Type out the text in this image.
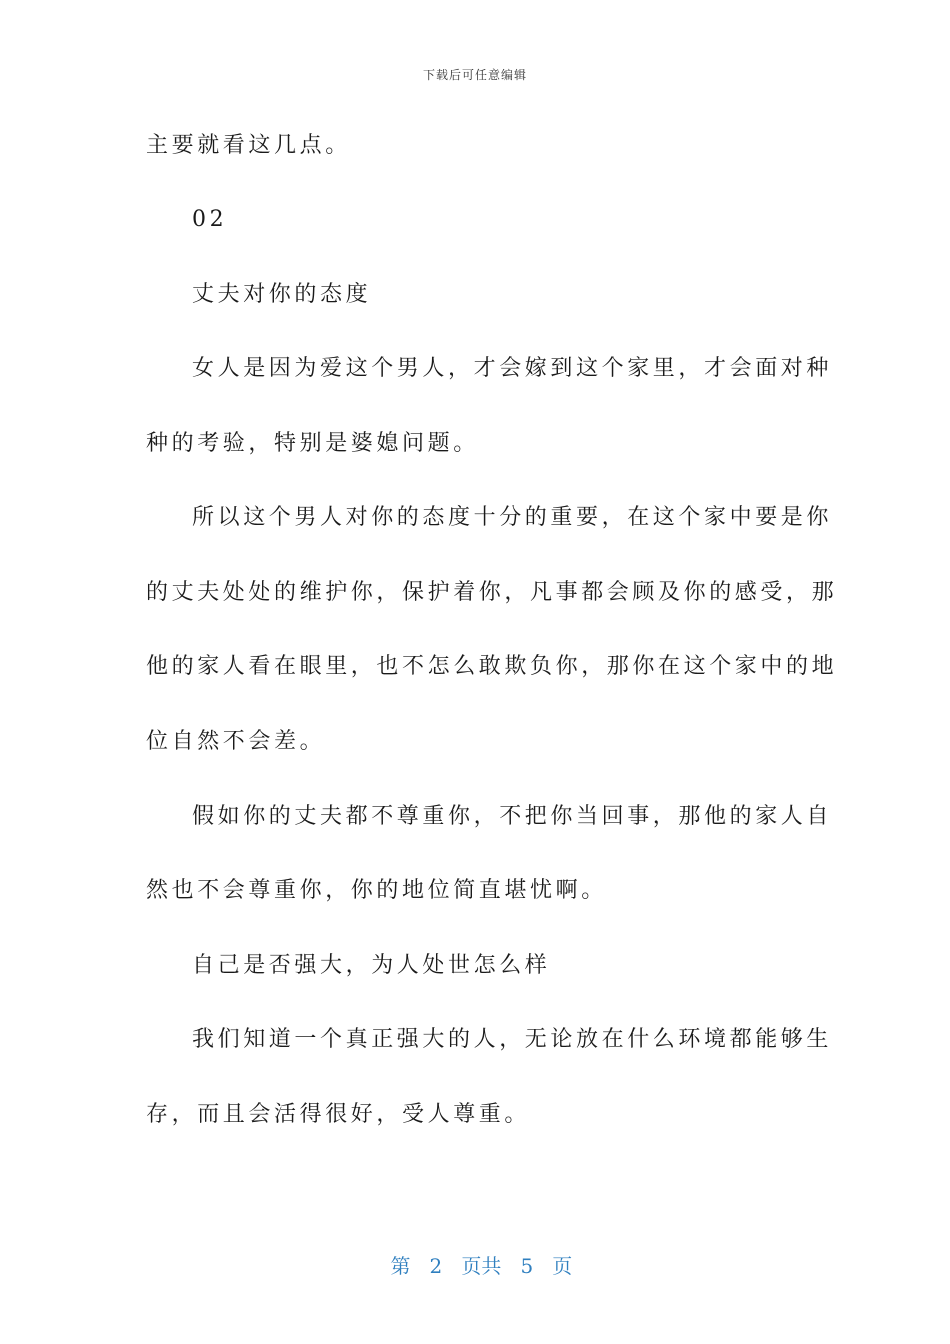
下载后可任意编辑
主要就看这几点。
02
丈夫对你的态度
女人是因为爱这个男人，才会嫁到这个家里，才会面对种
种的考验，特别是婆媳问题。
所以这个男人对你的态度十分的重要，在这个家中要是你
的丈夫处处的维护你，保护着你，凡事都会顾及你的感受，那
他的家人看在眼里，也不怎么敢欺负你，那你在这个家中的地
位自然不会差。
假如你的丈夫都不尊重你，不把你当回事，那他的家人自
然也不会尊重你，你的地位简直堪忧啊。
自己是否强大，为人处世怎么样
我们知道一个真正强大的人，无论放在什么环境都能够生
存，而且会活得很好，受人尊重。

第 2 页共 5 页
